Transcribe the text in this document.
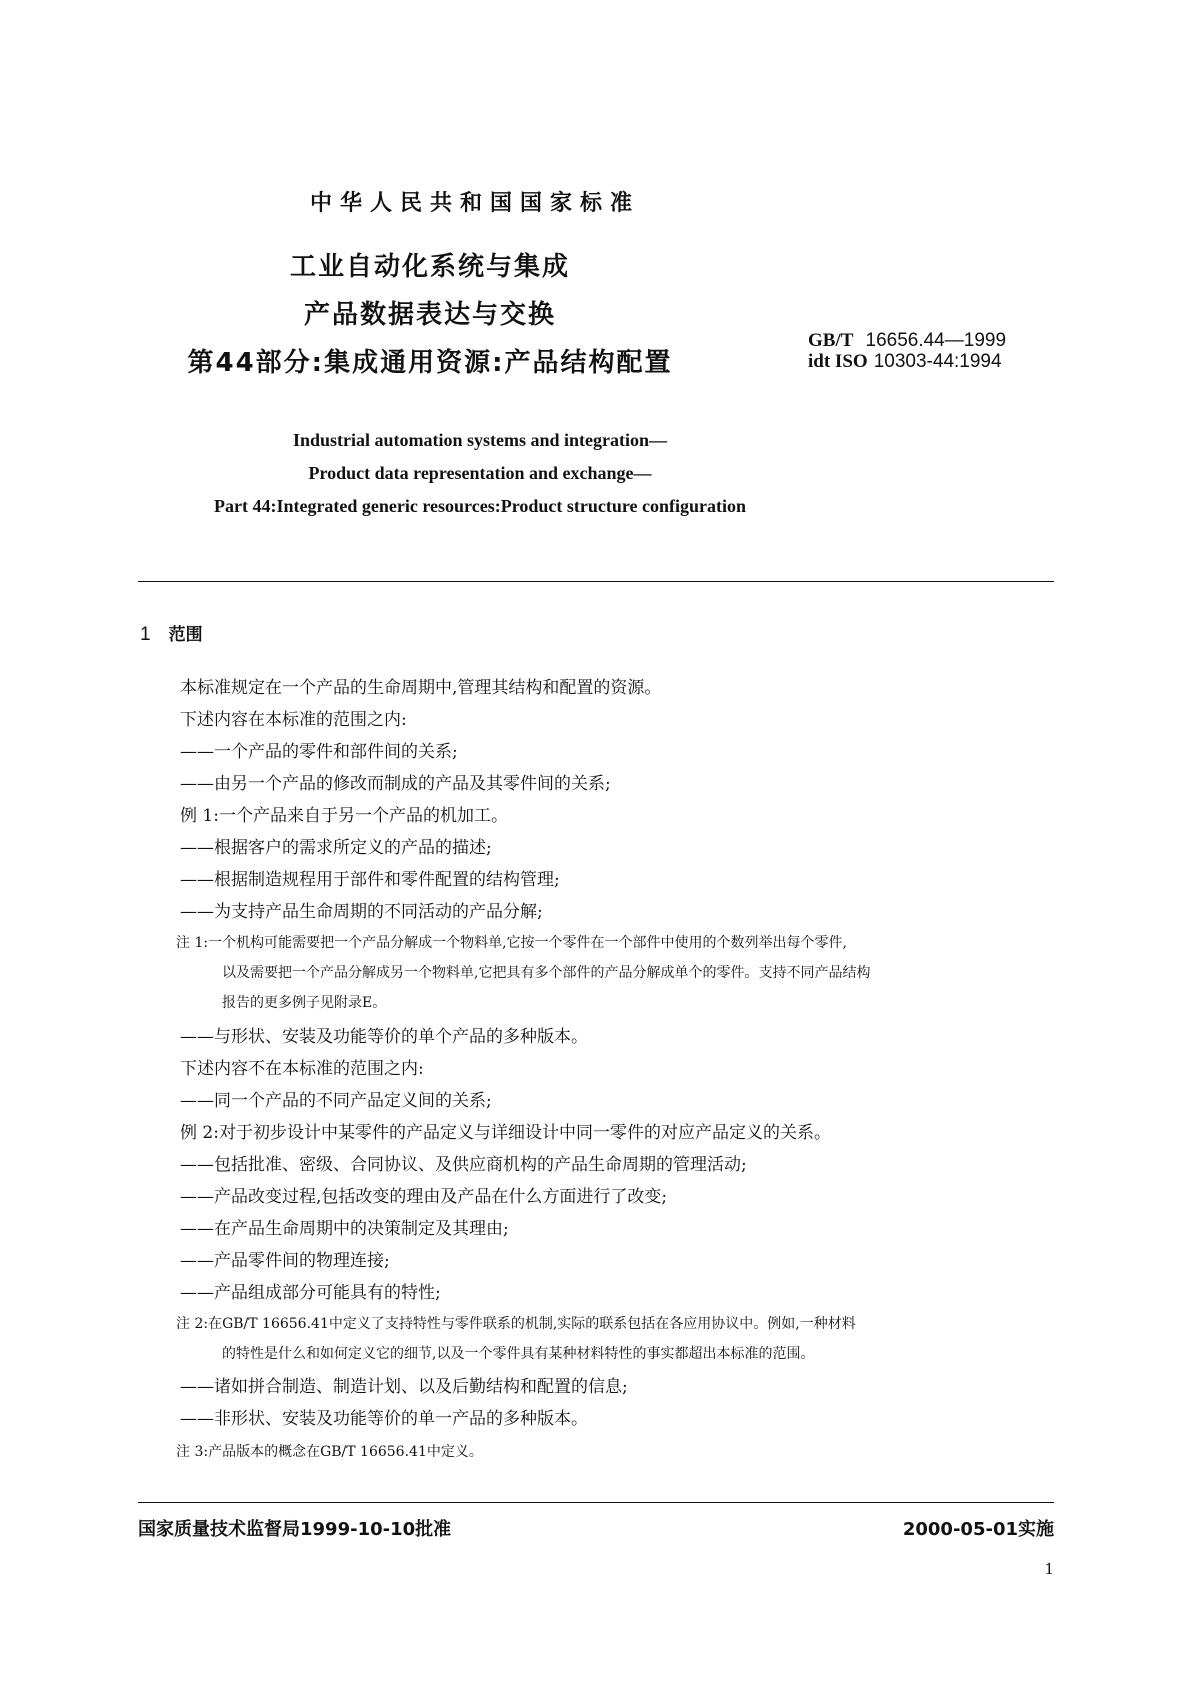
中华人民共和国国家标准
工业自动化系统与集成
产品数据表达与交换
第44部分:集成通用资源:产品结构配置
GB/T 16656.44—1999
idt ISO 10303-44:1994
Industrial automation systems and integration—
Product data representation and exchange—
Part 44:Integrated generic resources:Product structure configuration
1 范围
本标准规定在一个产品的生命周期中,管理其结构和配置的资源。
下述内容在本标准的范围之内:
——一个产品的零件和部件间的关系;
——由另一个产品的修改而制成的产品及其零件间的关系;
例 1:一个产品来自于另一个产品的机加工。
——根据客户的需求所定义的产品的描述;
——根据制造规程用于部件和零件配置的结构管理;
——为支持产品生命周期的不同活动的产品分解;
注 1:一个机构可能需要把一个产品分解成一个物料单,它按一个零件在一个部件中使用的个数列举出每个零件,
以及需要把一个产品分解成另一个物料单,它把具有多个部件的产品分解成单个的零件。支持不同产品结构
报告的更多例子见附录E。
——与形状、安装及功能等价的单个产品的多种版本。
下述内容不在本标准的范围之内:
——同一个产品的不同产品定义间的关系;
例 2:对于初步设计中某零件的产品定义与详细设计中同一零件的对应产品定义的关系。
——包括批准、密级、合同协议、及供应商机构的产品生命周期的管理活动;
——产品改变过程,包括改变的理由及产品在什么方面进行了改变;
——在产品生命周期中的决策制定及其理由;
——产品零件间的物理连接;
——产品组成部分可能具有的特性;
注 2:在GB/T 16656.41中定义了支持特性与零件联系的机制,实际的联系包括在各应用协议中。例如,一种材料
的特性是什么和如何定义它的细节,以及一个零件具有某种材料特性的事实都超出本标准的范围。
——诸如拼合制造、制造计划、以及后勤结构和配置的信息;
——非形状、安装及功能等价的单一产品的多种版本。
注 3:产品版本的概念在GB/T 16656.41中定义。
国家质量技术监督局1999-10-10批准	2000-05-01实施
1
